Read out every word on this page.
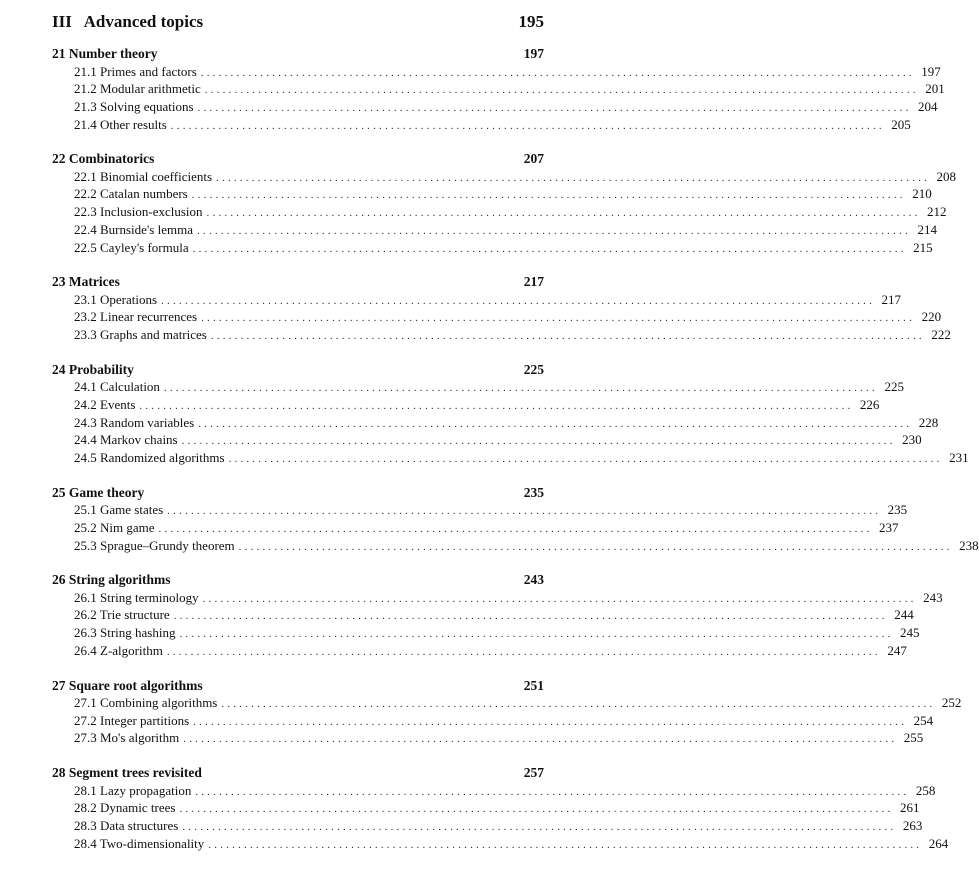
III   Advanced topics	195
21 Number theory	197
21.1 Primes and factors ........................................................................................................................ 197
21.2 Modular arithmetic ........................................................................................................................ 201
21.3 Solving equations ........................................................................................................................ 204
21.4 Other results ........................................................................................................................ 205
22 Combinatorics	207
22.1 Binomial coefficients ........................................................................................................................ 208
22.2 Catalan numbers ........................................................................................................................ 210
22.3 Inclusion-exclusion ........................................................................................................................ 212
22.4 Burnside's lemma ........................................................................................................................ 214
22.5 Cayley's formula ........................................................................................................................ 215
23 Matrices	217
23.1 Operations ........................................................................................................................ 217
23.2 Linear recurrences ........................................................................................................................ 220
23.3 Graphs and matrices ........................................................................................................................ 222
24 Probability	225
24.1 Calculation ........................................................................................................................ 225
24.2 Events ........................................................................................................................ 226
24.3 Random variables ........................................................................................................................ 228
24.4 Markov chains ........................................................................................................................ 230
24.5 Randomized algorithms ........................................................................................................................ 231
25 Game theory	235
25.1 Game states ........................................................................................................................ 235
25.2 Nim game ........................................................................................................................ 237
25.3 Sprague–Grundy theorem ........................................................................................................................ 238
26 String algorithms	243
26.1 String terminology ........................................................................................................................ 243
26.2 Trie structure ........................................................................................................................ 244
26.3 String hashing ........................................................................................................................ 245
26.4 Z-algorithm ........................................................................................................................ 247
27 Square root algorithms	251
27.1 Combining algorithms ........................................................................................................................ 252
27.2 Integer partitions ........................................................................................................................ 254
27.3 Mo's algorithm ........................................................................................................................ 255
28 Segment trees revisited	257
28.1 Lazy propagation ........................................................................................................................ 258
28.2 Dynamic trees ........................................................................................................................ 261
28.3 Data structures ........................................................................................................................ 263
28.4 Two-dimensionality ........................................................................................................................ 264
